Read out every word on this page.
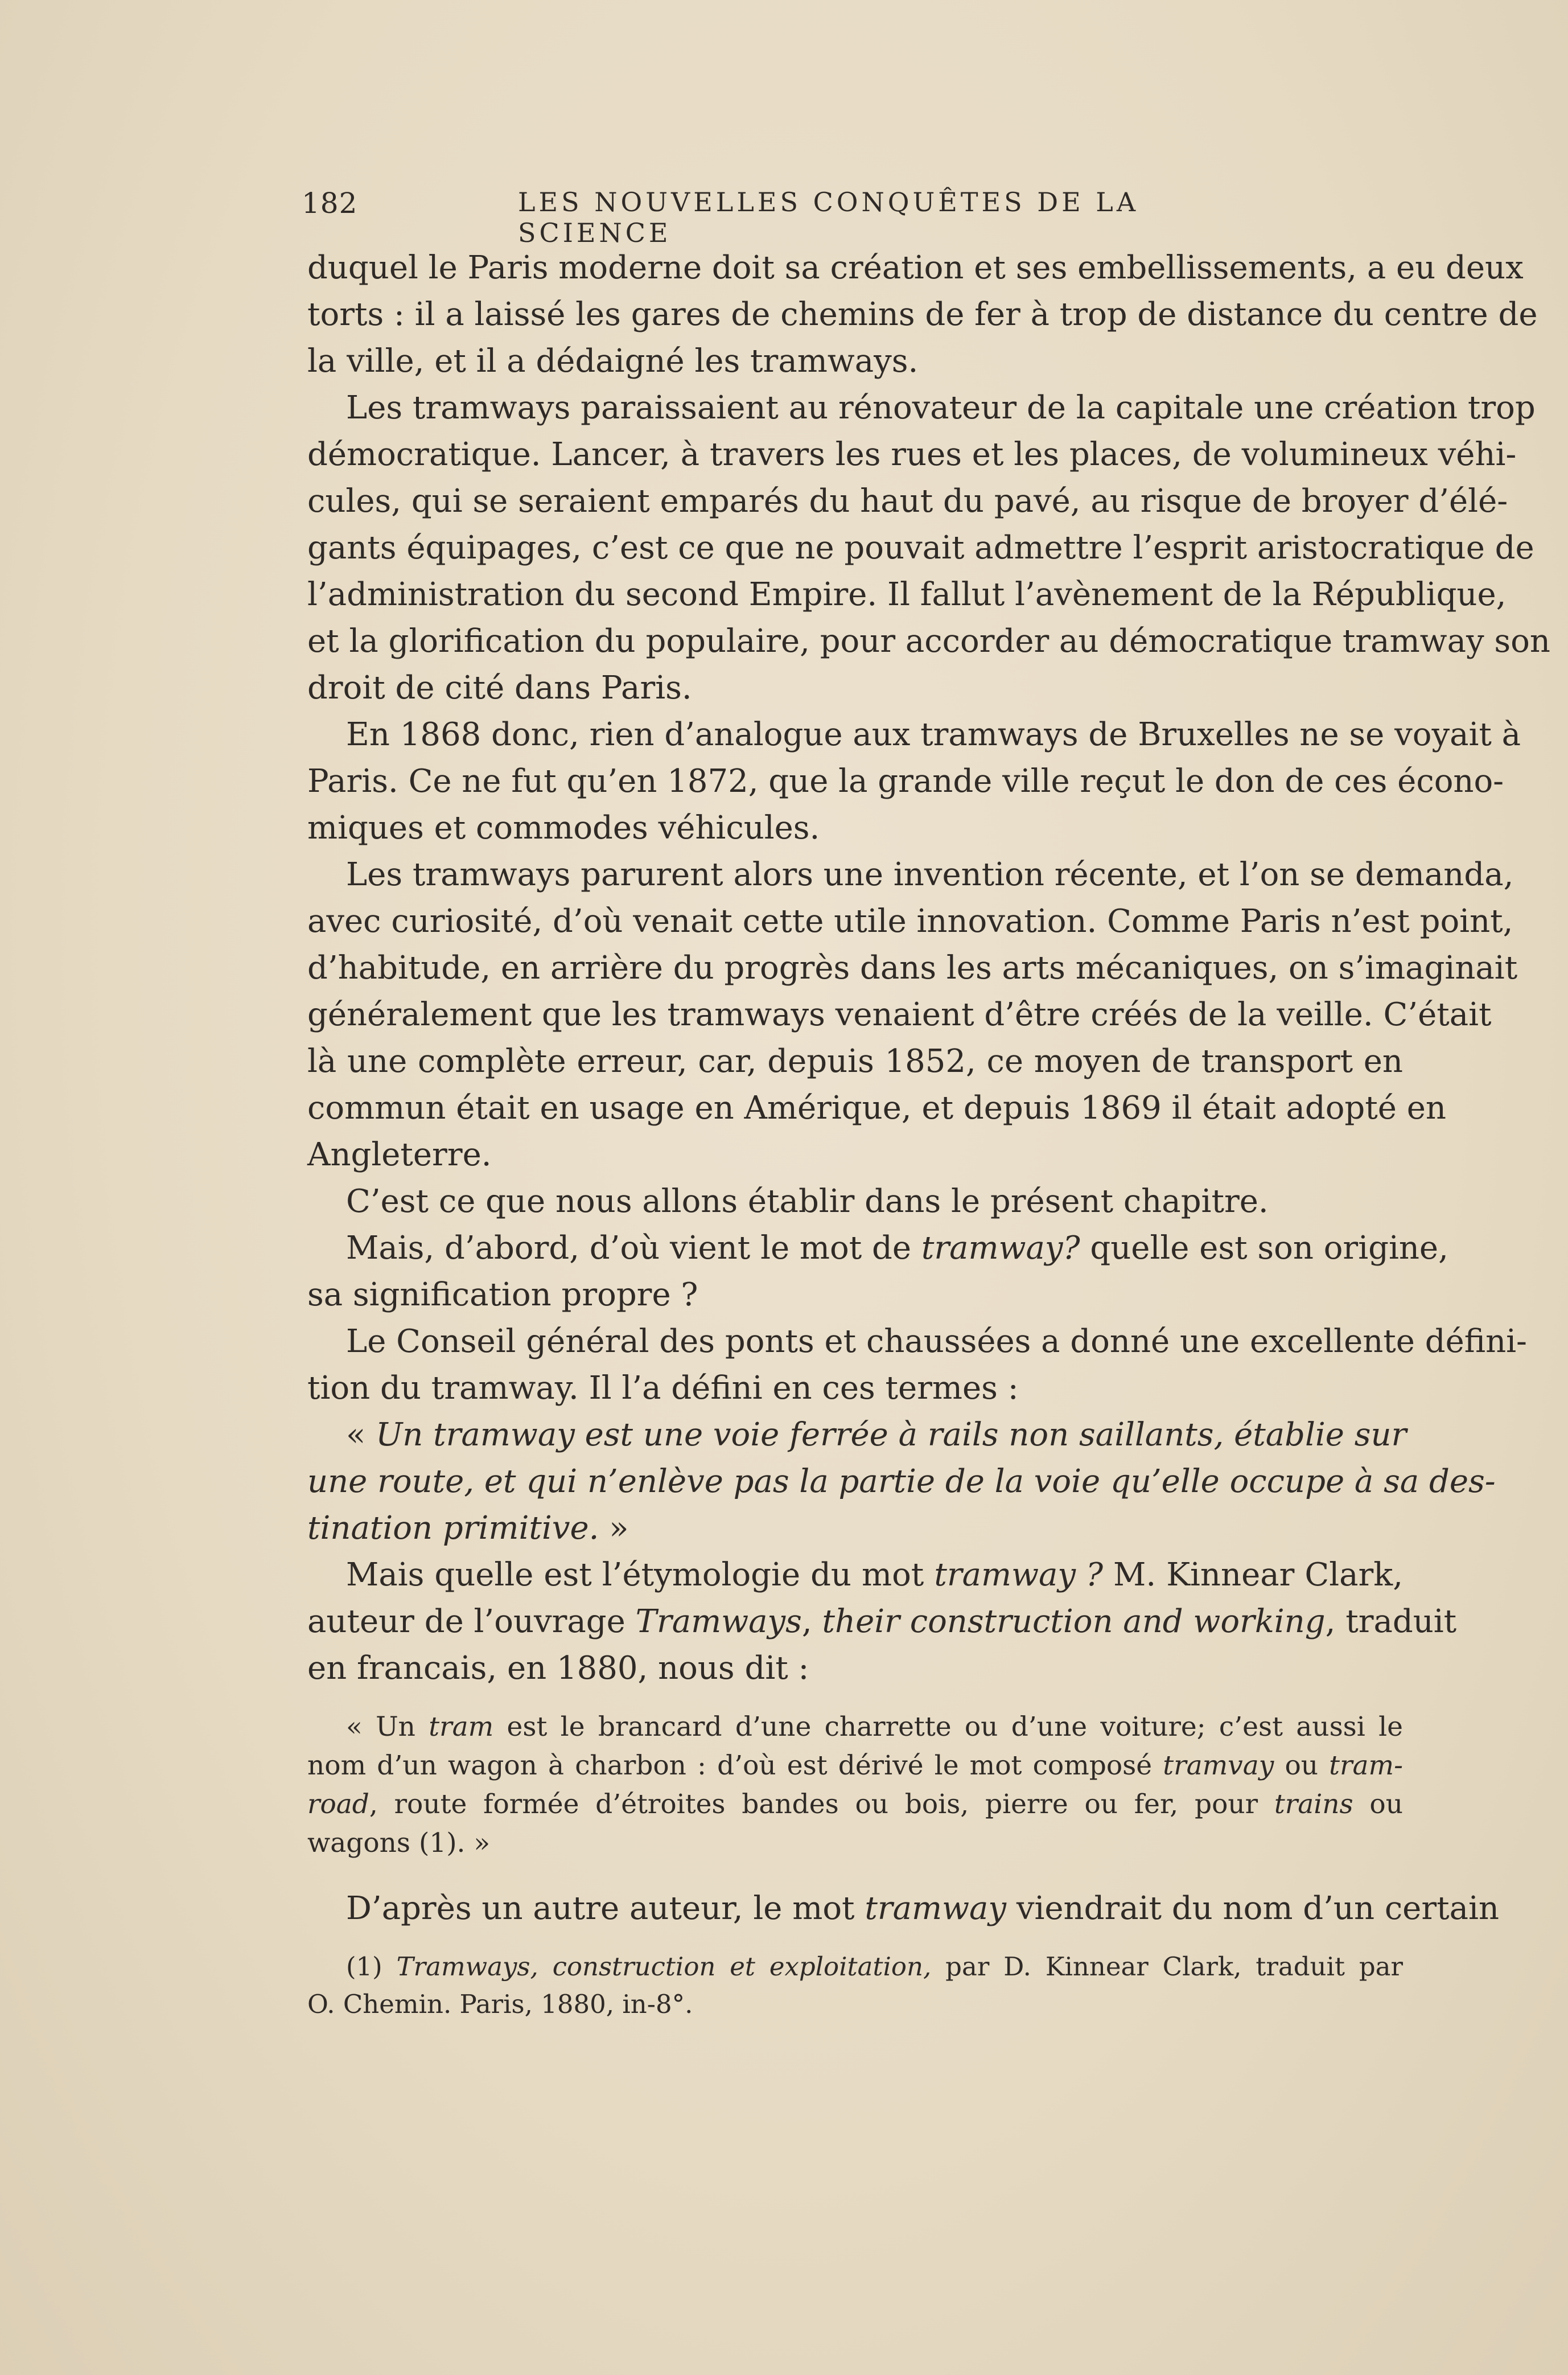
182	LES NOUVELLES CONQUÊTES DE LA SCIENCE
duquel le Paris moderne doit sa création et ses embellissements, a eu deux
torts : il a laissé les gares de chemins de fer à trop de distance du centre de
la ville, et il a dédaigné les tramways.
Les tramways paraissaient au rénovateur de la capitale une création trop
démocratique. Lancer, à travers les rues et les places, de volumineux véhi-
cules, qui se seraient emparés du haut du pavé, au risque de broyer d’élé-
gants équipages, c’est ce que ne pouvait admettre l’esprit aristocratique de
l’administration du second Empire. Il fallut l’avènement de la République,
et la glorification du populaire, pour accorder au démocratique tramway son
droit de cité dans Paris.
En 1868 donc, rien d’analogue aux tramways de Bruxelles ne se voyait à
Paris. Ce ne fut qu’en 1872, que la grande ville reçut le don de ces écono-
miques et commodes véhicules.
Les tramways parurent alors une invention récente, et l’on se demanda,
avec curiosité, d’où venait cette utile innovation. Comme Paris n’est point,
d’habitude, en arrière du progrès dans les arts mécaniques, on s’imaginait
généralement que les tramways venaient d’être créés de la veille. C’était
là une complète erreur, car, depuis 1852, ce moyen de transport en
commun était en usage en Amérique, et depuis 1869 il était adopté en
Angleterre.
C’est ce que nous allons établir dans le présent chapitre.
Mais, d’abord, d’où vient le mot de tramway? quelle est son origine,
sa signification propre ?
Le Conseil général des ponts et chaussées a donné une excellente défini-
tion du tramway. Il l’a défini en ces termes :
« Un tramway est une voie ferrée à rails non saillants, établie sur
une route, et qui n’enlève pas la partie de la voie qu’elle occupe à sa des-
tination primitive. »
Mais quelle est l’étymologie du mot tramway ? M. Kinnear Clark,
auteur de l’ouvrage Tramways, their construction and working, traduit
en francais, en 1880, nous dit :
« Un tram est le brancard d’une charrette ou d’une voiture; c’est aussi le
nom d’un wagon à charbon : d’où est dérivé le mot composé tramvay ou tram-
road, route formée d’étroites bandes ou bois, pierre ou fer, pour trains ou
wagons (1). »
D’après un autre auteur, le mot tramway viendrait du nom d’un certain
(1) Tramways, construction et exploitation, par D. Kinnear Clark, traduit par
O. Chemin. Paris, 1880, in-8°.
